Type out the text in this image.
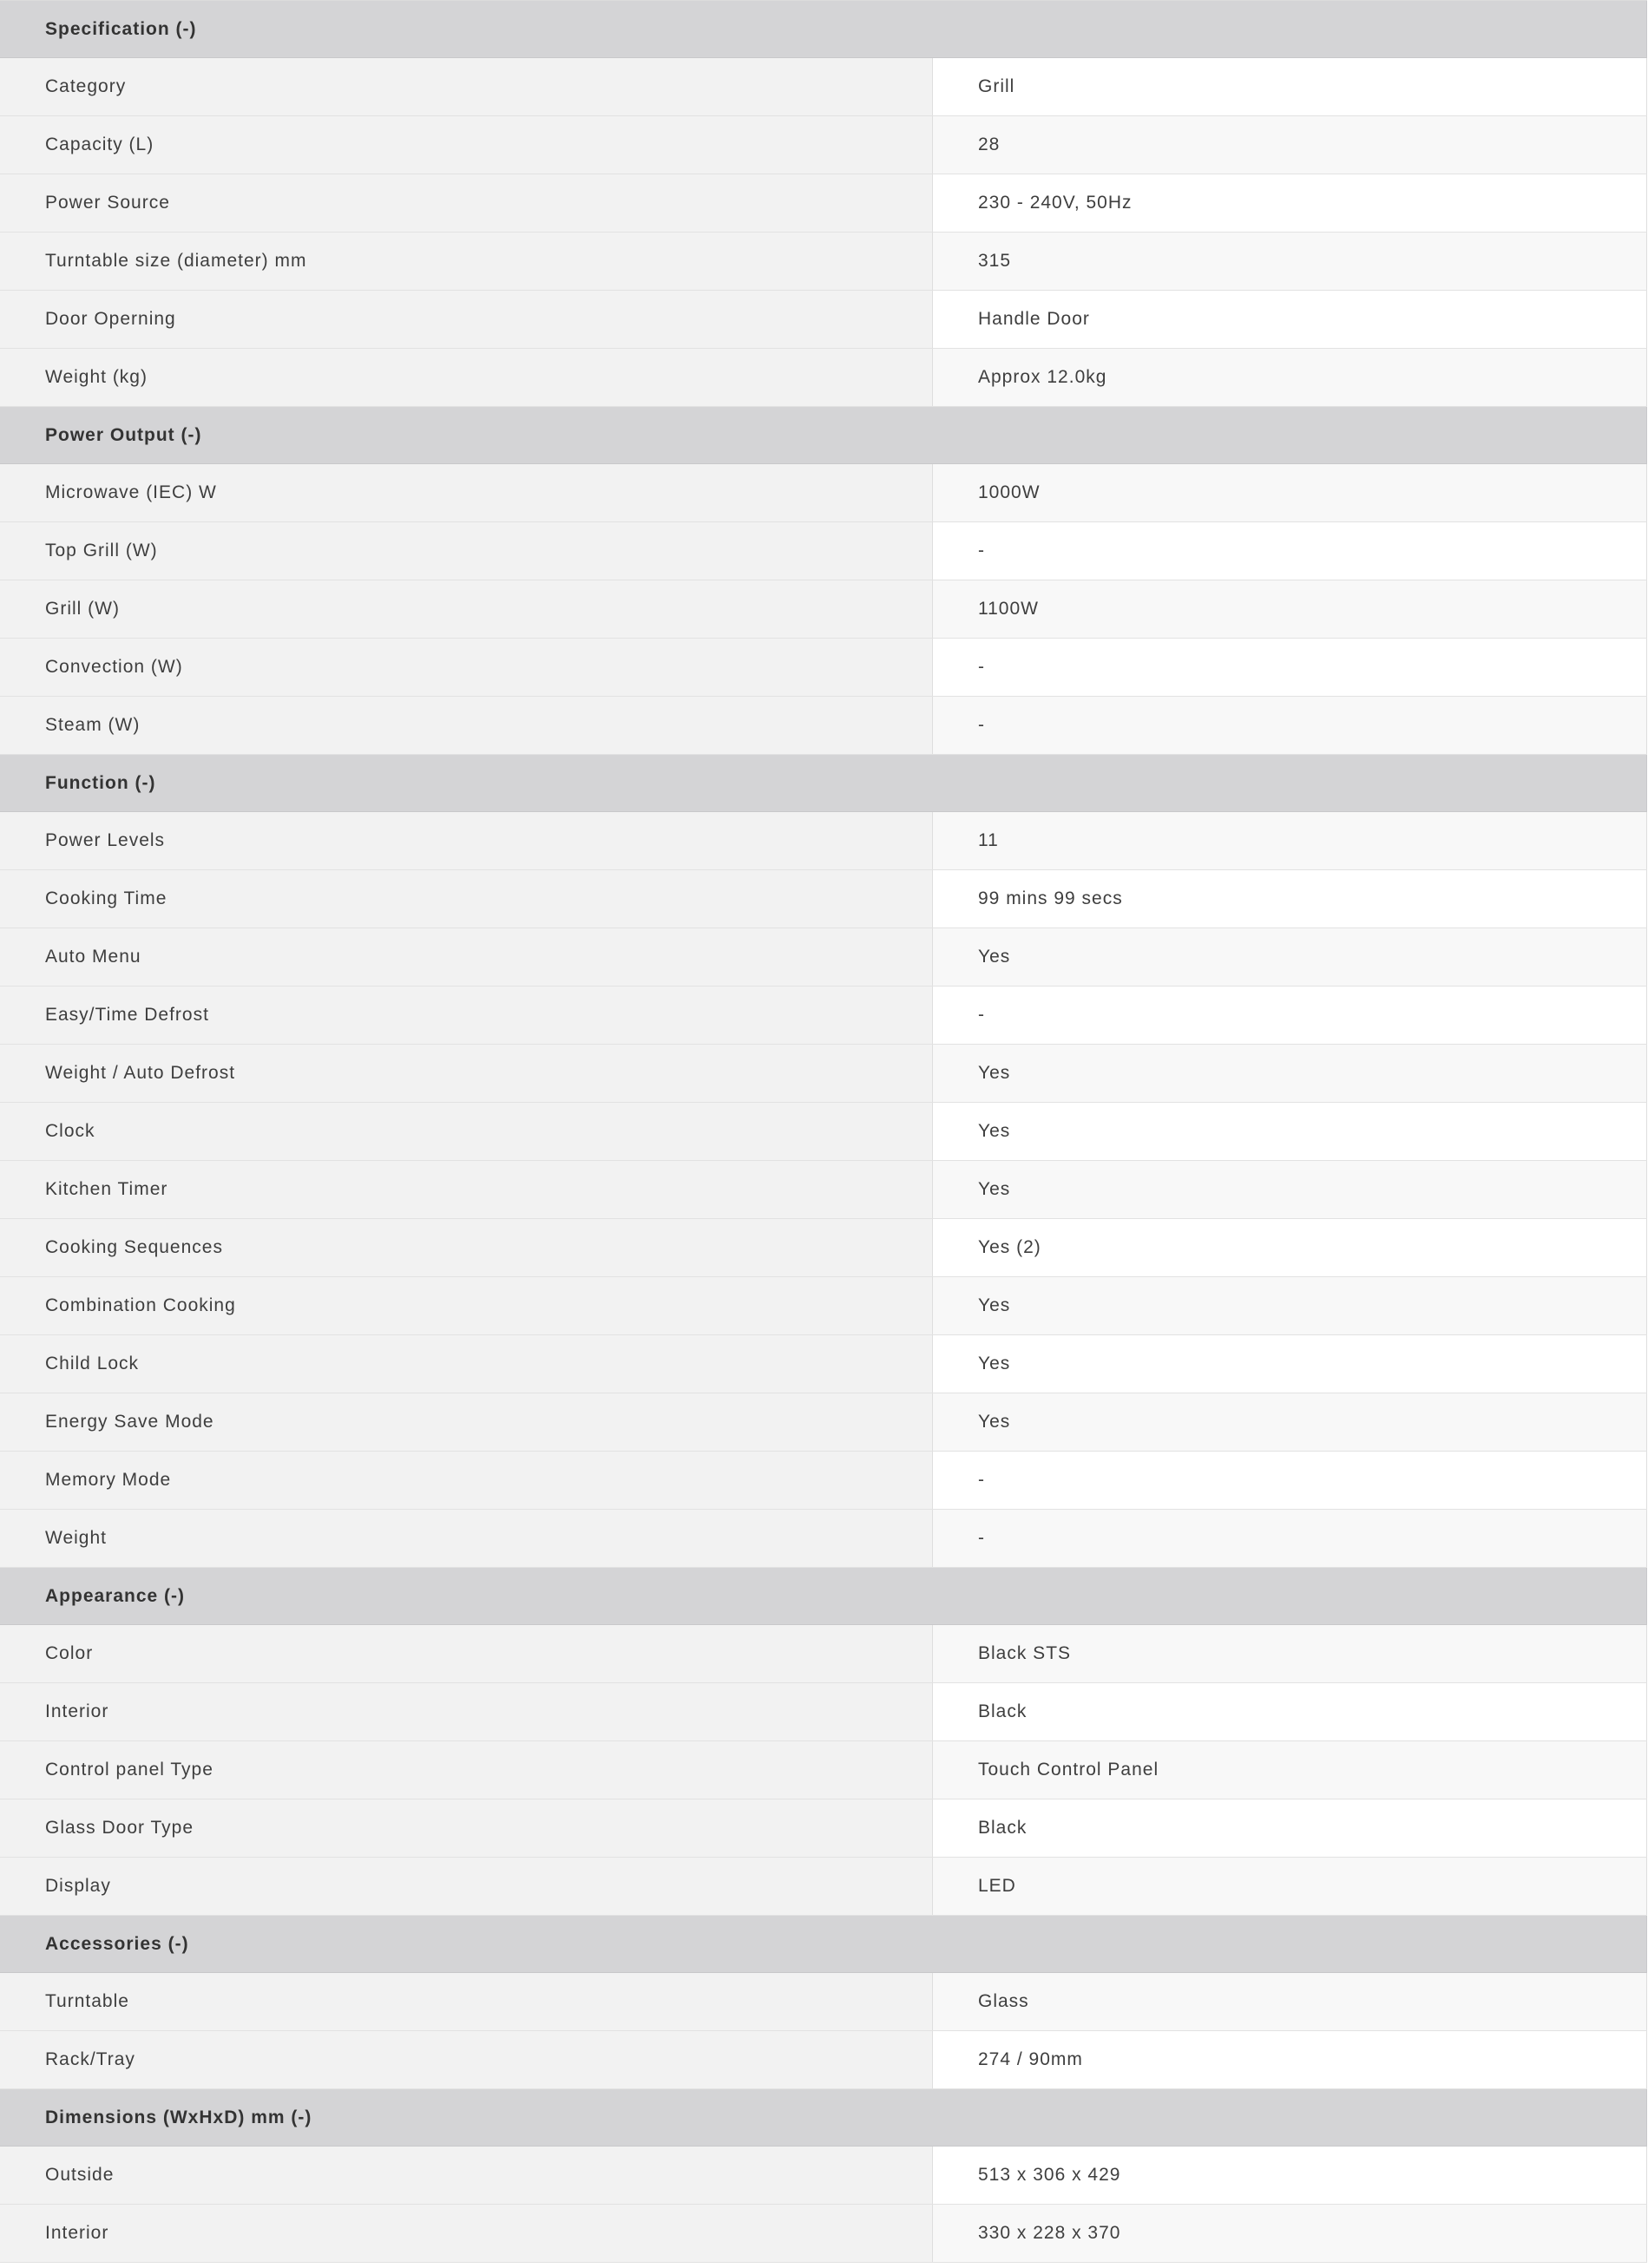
Specification (-)
Category	Grill
Capacity (L)	28
Power Source	230 - 240V, 50Hz
Turntable size (diameter) mm	315
Door Operning	Handle Door
Weight (kg)	Approx 12.0kg
Power Output (-)
Microwave (IEC) W	1000W
Top Grill (W)	-
Grill (W)	1100W
Convection (W)	-
Steam (W)	-
Function (-)
Power Levels	11
Cooking Time	99 mins 99 secs
Auto Menu	Yes
Easy/Time Defrost	-
Weight / Auto Defrost	Yes
Clock	Yes
Kitchen Timer	Yes
Cooking Sequences	Yes (2)
Combination Cooking	Yes
Child Lock	Yes
Energy Save Mode	Yes
Memory Mode	-
Weight	-
Appearance (-)
Color	Black STS
Interior	Black
Control panel Type	Touch Control Panel
Glass Door Type	Black
Display	LED
Accessories (-)
Turntable	Glass
Rack/Tray	274 / 90mm
Dimensions (WxHxD) mm (-)
Outside	513 x 306 x 429
Interior	330 x 228 x 370
